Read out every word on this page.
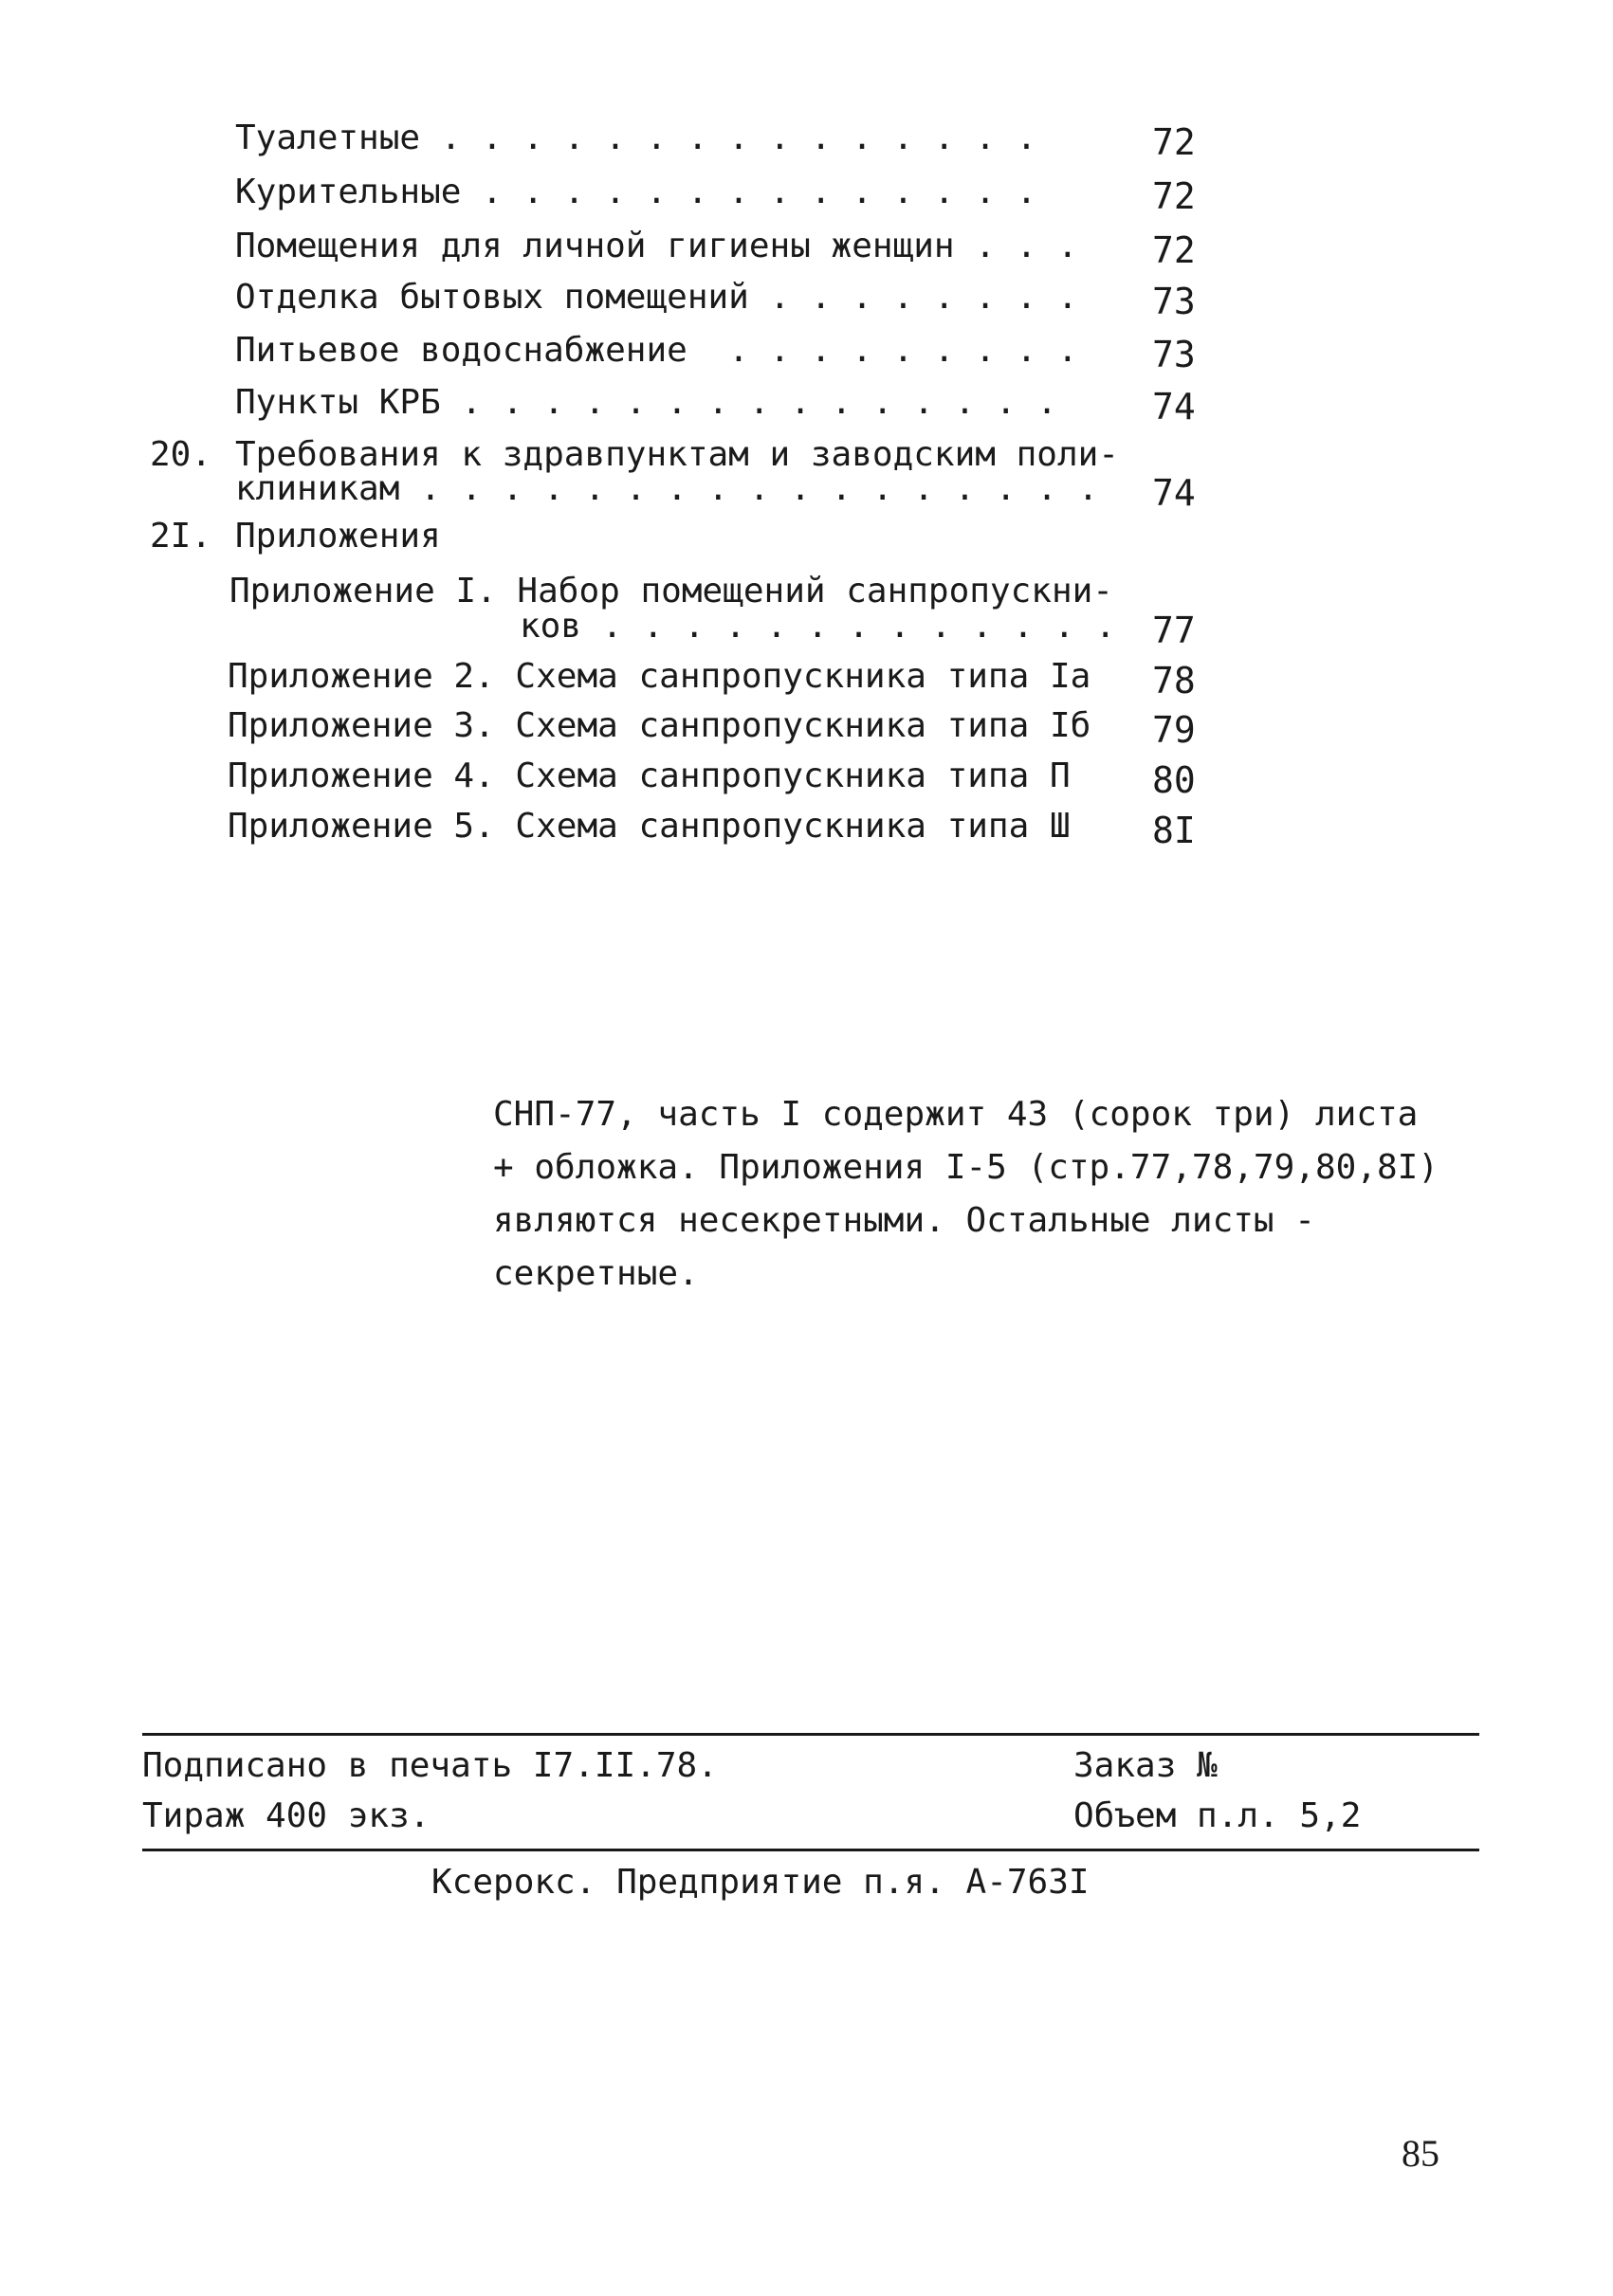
Туалетные . . . . . . . . . . . . . . .	72
Курительные . . . . . . . . . . . . . .	72
Помещения для личной гигиены женщин . . . 72
Отделка бытовых помещений . . . . . . . . 73
Питьевое водоснабжение  . . . . . . . . . 73
Пункты КРБ . . . . . . . . . . . . . . .	74
20. Требования к здравпунктам и заводским поли-
клиникам . . . . . . . . . . . . . . . . . 74
2I. Приложения
Приложение I. Набор помещений санпропускни-
ков . . . . . . . . . . . . . 77
Приложение 2. Схема санпропускника типа Iа 78
Приложение 3. Схема санпропускника типа Iб 79
Приложение 4. Схема санпропускника типа П 80
Приложение 5. Схема санпропускника типа Ш 8I
СНП-77, часть I содержит 43 (сорок три) листа
+ обложка. Приложения I-5 (стр.77,78,79,80,8I)
являются несекретными. Остальные листы -
секретные.
Подписано в печать I7.II.78.	Заказ №
Тираж 400 экз.	Объем п.л. 5,2
Ксерокс. Предприятие п.я. А-763I
85
